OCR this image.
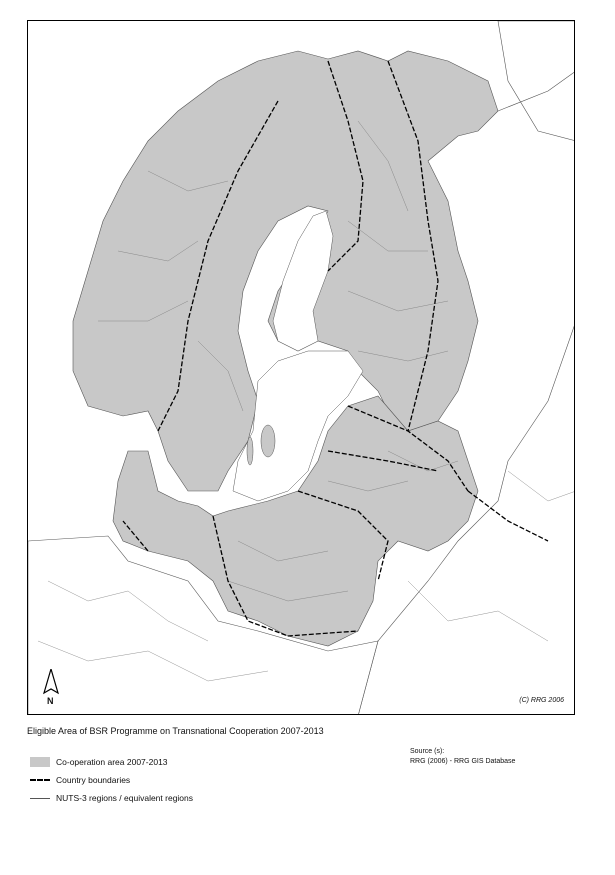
N	(C) RRG 2006
Eligible Area of BSR Programme on Transnational Cooperation 2007-2013
Co-operation area 2007-2013
Country boundaries
NUTS-3 regions / equivalent regions
Source (s):
RRG (2006) - RRG GIS Database
